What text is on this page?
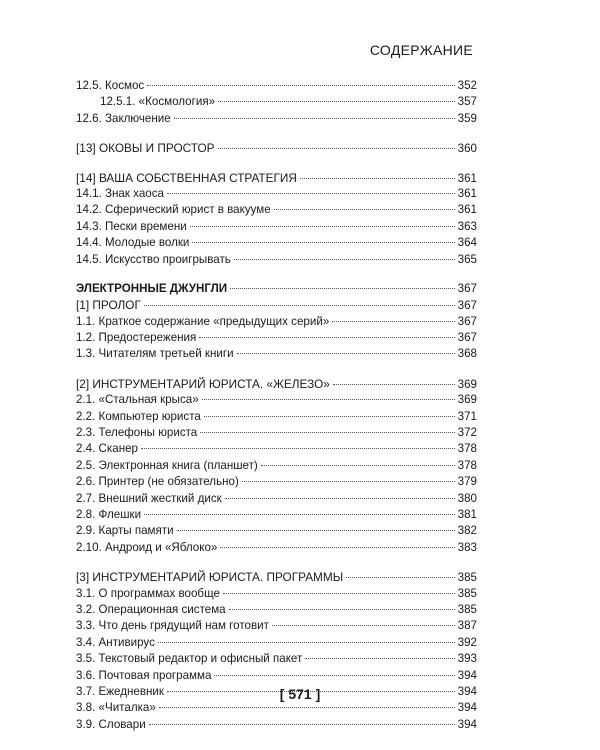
СОДЕРЖАНИЕ
12.5. Космос	352
12.5.1. «Космология»	357
12.6. Заключение	359
[13] ОКОВЫ И ПРОСТОР	360
[14] ВАША СОБСТВЕННАЯ СТРАТЕГИЯ	361
14.1. Знак хаоса	361
14.2. Сферический юрист в вакууме	361
14.3. Пески времени	363
14.4. Молодые волки	364
14.5. Искусство проигрывать	365
ЭЛЕКТРОННЫЕ ДЖУНГЛИ	367
[1] ПРОЛОГ	367
1.1. Краткое содержание «предыдущих серий»	367
1.2. Предостережения	367
1.3. Читателям третьей книги	368
[2] ИНСТРУМЕНТАРИЙ ЮРИСТА. «ЖЕЛЕЗО»	369
2.1. «Стальная крыса»	369
2.2. Компьютер юриста	371
2.3. Телефоны юриста	372
2.4. Сканер	378
2.5. Электронная книга (планшет)	378
2.6. Принтер (не обязательно)	379
2.7. Внешний жесткий диск	380
2.8. Флешки	381
2.9. Карты памяти	382
2.10. Андроид и «Яблоко»	383
[3] ИНСТРУМЕНТАРИЙ ЮРИСТА. ПРОГРАММЫ	385
3.1. О программах вообще	385
3.2. Операционная система	385
3.3. Что день грядущий нам готовит	387
3.4. Антивирус	392
3.5. Текстовый редактор и офисный пакет	393
3.6. Почтовая программа	394
3.7. Ежедневник	394
3.8. «Читалка»	394
3.9. Словари	394
[ 571 ]
